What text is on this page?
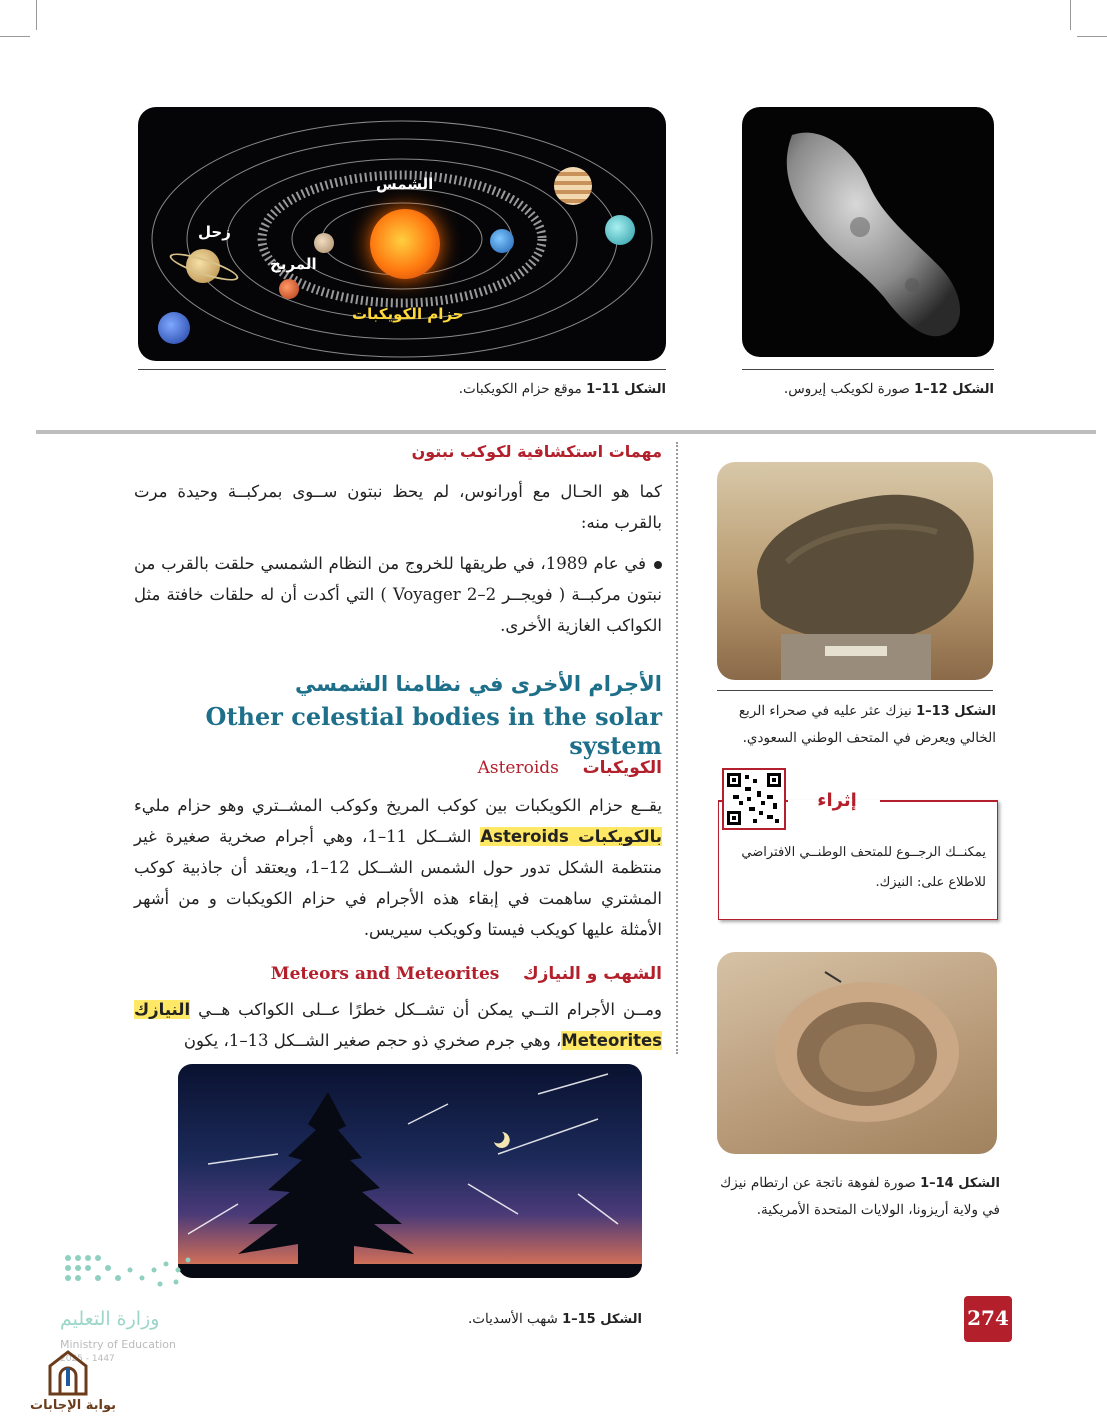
الشمس
زحل
المريخ
حزام الكويكبات
الشكل 11–1 موقع حزام الكويكبات.	الشكل 12–1 صورة لكويكب إيروس.
مهمات استكشافية لكوكب نبتون
كما هو الحـال مع أورانوس، لم يحظ نبتون ســوى بمركبــة وحيدة مرت بالقرب منه:
في عام 1989، في طريقها للخروج من النظام الشمسي حلقت بالقرب من نبتون مركبــة ( فويجــر 2–2 Voyager ) التي أكدت أن له حلقات خافتة مثل الكواكب الغازية الأخرى.
الأجرام الأخرى في نظامنا الشمسي
Other celestial bodies in the solar system
الكويكبات    Asteroids
يقــع حزام الكويكبات بين كوكب المريخ وكوكب المشــتري وهو حزام مليء بالكويكبات Asteroids الشــكل 11–1، وهي أجرام صخرية صغيرة غير منتظمة الشكل تدور حول الشمس الشــكل 12–1، ويعتقد أن جاذبية كوكب المشتري ساهمت في إبقاء هذه الأجرام في حزام الكويكبات و من أشهر الأمثلة عليها كويكب فيستا وكويكب سيريس.
الشهب و النيازك    Meteors and Meteorites
ومــن الأجرام التــي يمكن أن تشــكل خطرًا عــلى الكواكب هــي النيازك Meteorites، وهي جرم صخري ذو حجم صغير الشــكل 13–1، يكون
الشكل 15–1 شهب الأسديات.
الشكل 13–1 نيزك عثر عليه في صحراء الربع الخالي ويعرض في المتحف الوطني السعودي.
إثراء
يمكنــك الرجــوع للمتحف الوطنــي الافتراضي للاطلاع على: النيزك.
الشكل 14–1 صورة لفوهة ناتجة عن ارتطام نيزك في ولاية أريزونا، الولايات المتحدة الأمريكية.
274
وزارة التعليم
Ministry of Education
2025 - 1447
بوابة الإجابات
